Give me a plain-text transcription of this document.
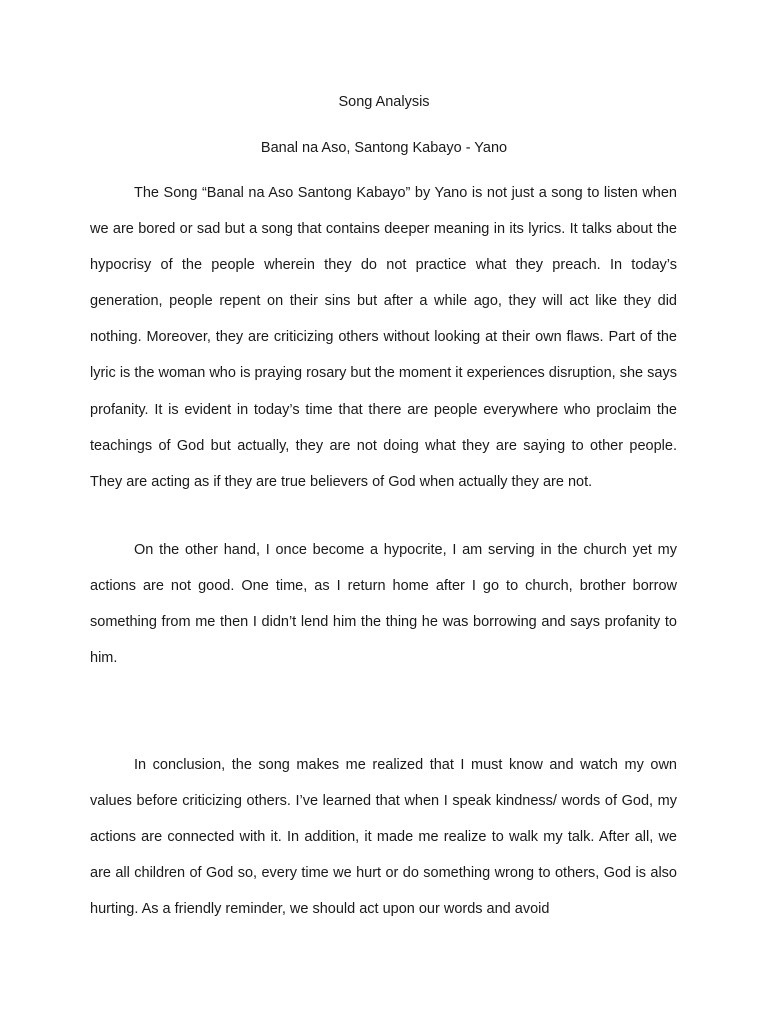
Song Analysis
Banal na Aso, Santong Kabayo - Yano

The Song “Banal na Aso Santong Kabayo” by Yano is not just a song to listen when we are bored or sad but a song that contains deeper meaning in its lyrics. It talks about the hypocrisy of the people wherein they do not practice what they preach. In today’s generation, people repent on their sins but after a while ago, they will act like they did nothing. Moreover, they are criticizing others without looking at their own flaws. Part of the lyric is the woman who is praying rosary but the moment it experiences disruption, she says profanity. It is evident in today’s time that there are people everywhere who proclaim the teachings of God but actually, they are not doing what they are saying to other people. They are acting as if they are true believers of God when actually they are not.

On the other hand, I once become a hypocrite, I am serving in the church yet my actions are not good. One time, as I return home after I go to church, brother borrow something from me then I didn’t lend him the thing he was borrowing and says profanity to him.

In conclusion, the song makes me realized that I must know and watch my own values before criticizing others. I’ve learned that when I speak kindness/ words of God, my actions are connected with it. In addition, it made me realize to walk my talk. After all, we are all children of God so, every time we hurt or do something wrong to others, God is also hurting. As a friendly reminder, we should act upon our words and avoid
